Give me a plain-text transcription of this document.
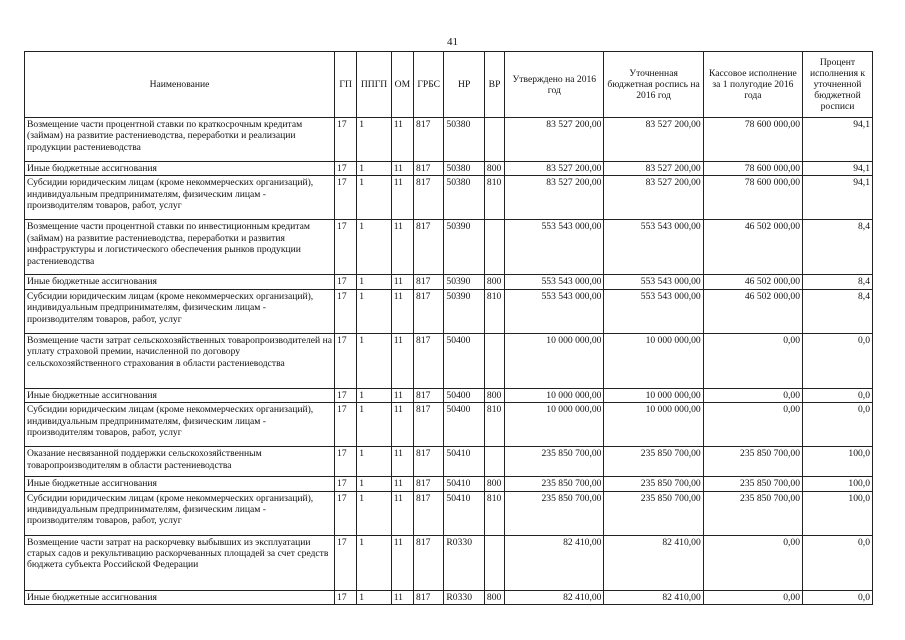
41
Наименование	ГП	ППГП	ОМ	ГРБС	НР	ВР	Утверждено на 2016 год	Уточненная бюджетная роспись на 2016 год	Кассовое исполнение за 1 полугодие 2016 года	Процент исполнения к уточненной бюджетной росписи
Возмещение части процентной ставки по краткосрочным кредитам (займам) на развитие растениеводства, переработки и реализации продукции растениеводства	17	1	11	817	50380		83 527 200,00	83 527 200,00	78 600 000,00	94,1
Иные бюджетные ассигнования	17	1	11	817	50380	800	83 527 200,00	83 527 200,00	78 600 000,00	94,1
Субсидии юридическим лицам (кроме некоммерческих организаций), индивидуальным предпринимателям, физическим лицам - производителям товаров, работ, услуг	17	1	11	817	50380	810	83 527 200,00	83 527 200,00	78 600 000,00	94,1
Возмещение части процентной ставки по инвестиционным кредитам (займам) на развитие растениеводства, переработки и развития инфраструктуры и логистического обеспечения рынков продукции растениеводства	17	1	11	817	50390		553 543 000,00	553 543 000,00	46 502 000,00	8,4
Иные бюджетные ассигнования	17	1	11	817	50390	800	553 543 000,00	553 543 000,00	46 502 000,00	8,4
Субсидии юридическим лицам (кроме некоммерческих организаций), индивидуальным предпринимателям, физическим лицам - производителям товаров, работ, услуг	17	1	11	817	50390	810	553 543 000,00	553 543 000,00	46 502 000,00	8,4
Возмещение части затрат сельскохозяйственных товаропроизводителей на уплату страховой премии, начисленной по договору сельскохозяйственного страхования в области растениеводства	17	1	11	817	50400		10 000 000,00	10 000 000,00	0,00	0,0
Иные бюджетные ассигнования	17	1	11	817	50400	800	10 000 000,00	10 000 000,00	0,00	0,0
Субсидии юридическим лицам (кроме некоммерческих организаций), индивидуальным предпринимателям, физическим лицам - производителям товаров, работ, услуг	17	1	11	817	50400	810	10 000 000,00	10 000 000,00	0,00	0,0
Оказание несвязанной поддержки сельскохозяйственным товаропроизводителям в области растениеводства	17	1	11	817	50410		235 850 700,00	235 850 700,00	235 850 700,00	100,0
Иные бюджетные ассигнования	17	1	11	817	50410	800	235 850 700,00	235 850 700,00	235 850 700,00	100,0
Субсидии юридическим лицам (кроме некоммерческих организаций), индивидуальным предпринимателям, физическим лицам - производителям товаров, работ, услуг	17	1	11	817	50410	810	235 850 700,00	235 850 700,00	235 850 700,00	100,0
Возмещение части затрат на раскорчевку выбывших из эксплуатации старых садов и рекультивацию раскорчеванных площадей за счет средств бюджета субъекта Российской Федерации	17	1	11	817	R0330		82 410,00	82 410,00	0,00	0,0
Иные бюджетные ассигнования	17	1	11	817	R0330	800	82 410,00	82 410,00	0,00	0,0
